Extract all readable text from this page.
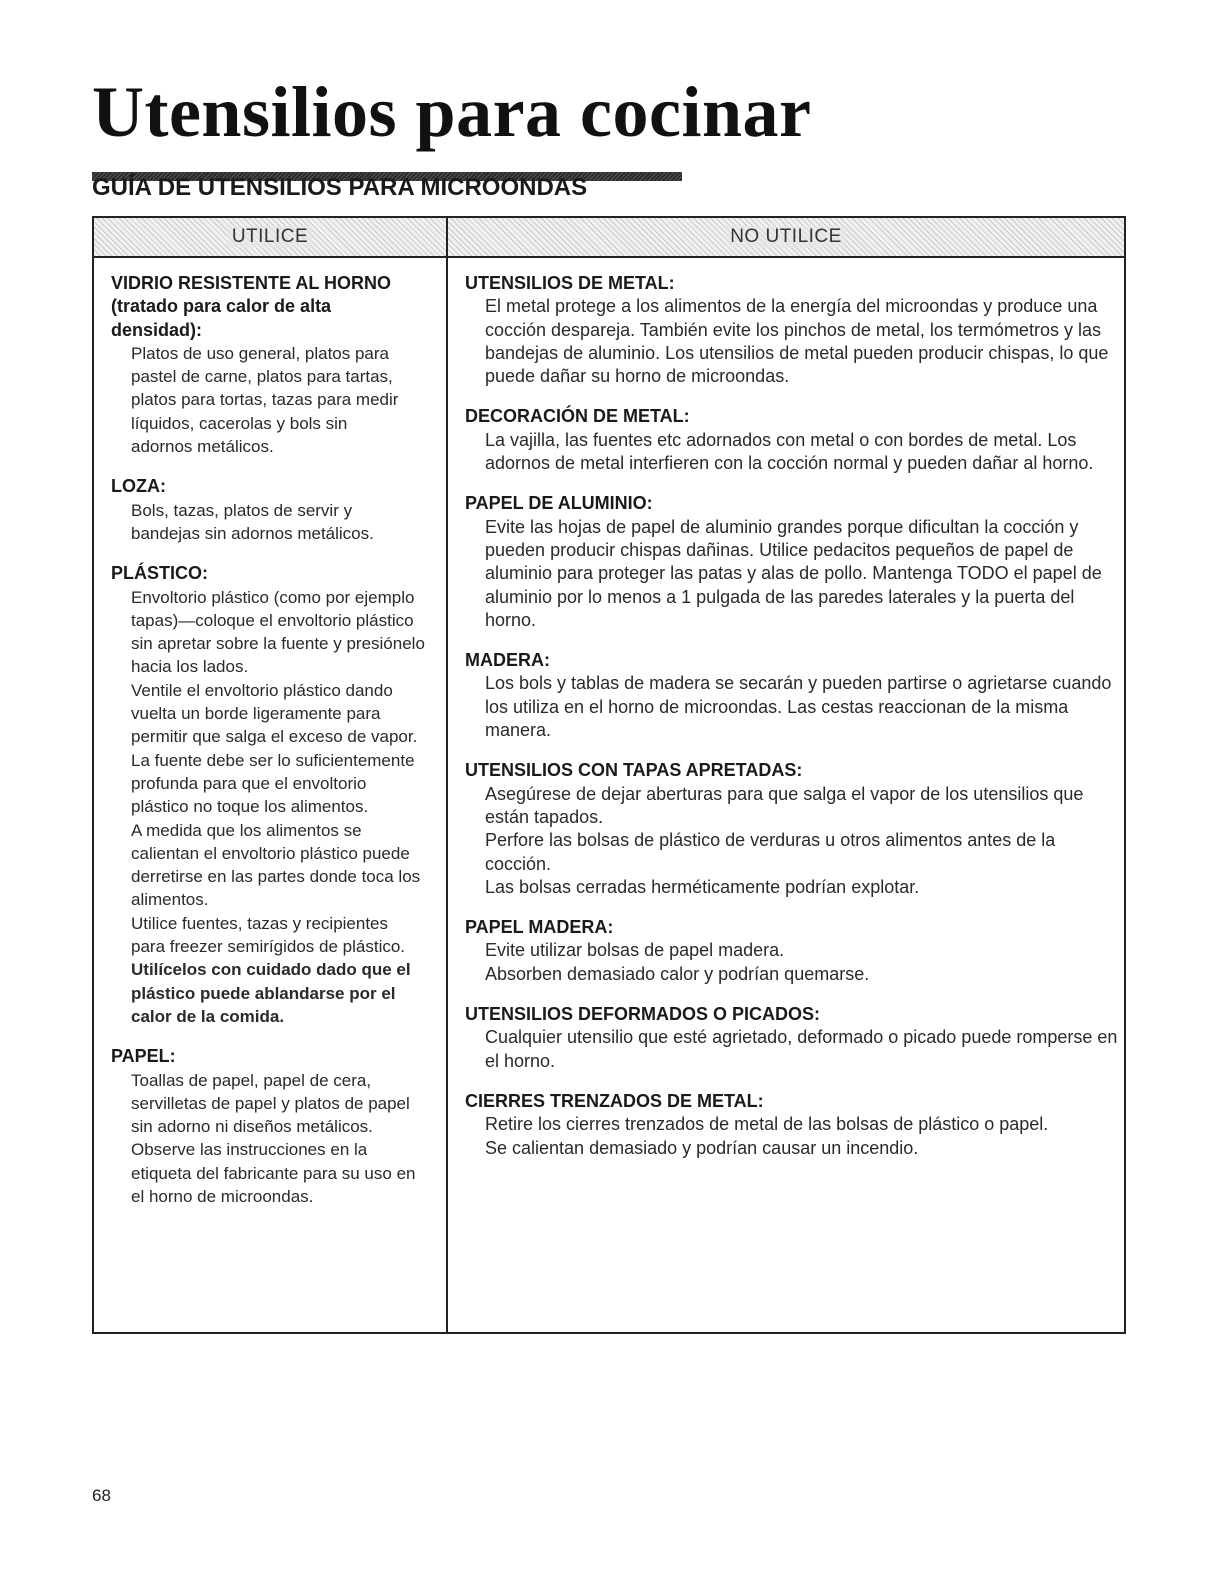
Utensilios para cocinar
GUÍA DE UTENSILIOS PARA MICROONDAS
UTILICE	NO UTILICE
VIDRIO RESISTENTE AL HORNO (tratado para calor de alta densidad):
Platos de uso general, platos para pastel de carne, platos para tartas, platos para tortas, tazas para medir líquidos, cacerolas y bols sin adornos metálicos.
LOZA:
Bols, tazas, platos de servir y bandejas sin adornos metálicos.
PLÁSTICO:
Envoltorio plástico (como por ejemplo tapas)—coloque el envoltorio plástico sin apretar sobre la fuente y presiónelo hacia los lados.
Ventile el envoltorio plástico dando vuelta un borde ligeramente para permitir que salga el exceso de vapor. La fuente debe ser lo suficientemente profunda para que el envoltorio plástico no toque los alimentos.
A medida que los alimentos se calientan el envoltorio plástico puede derretirse en las partes donde toca los alimentos.
Utilice fuentes, tazas y recipientes para freezer semirígidos de plástico. Utilícelos con cuidado dado que el plástico puede ablandarse por el calor de la comida.
PAPEL:
Toallas de papel, papel de cera, servilletas de papel y platos de papel sin adorno ni diseños metálicos.
Observe las instrucciones en la etiqueta del fabricante para su uso en el horno de microondas.
UTENSILIOS DE METAL:
El metal protege a los alimentos de la energía del microondas y produce una cocción despareja. También evite los pinchos de metal, los termómetros y las bandejas de aluminio. Los utensilios de metal pueden producir chispas, lo que puede dañar su horno de microondas.
DECORACIÓN DE METAL:
La vajilla, las fuentes etc adornados con metal o con bordes de metal. Los adornos de metal interfieren con la cocción normal y pueden dañar al horno.
PAPEL DE ALUMINIO:
Evite las hojas de papel de aluminio grandes porque dificultan la cocción y pueden producir chispas dañinas. Utilice pedacitos pequeños de papel de aluminio para proteger las patas y alas de pollo. Mantenga TODO el papel de aluminio por lo menos a 1 pulgada de las paredes laterales y la puerta del horno.
MADERA:
Los bols y tablas de madera se secarán y pueden partirse o agrietarse cuando los utiliza en el horno de microondas. Las cestas reaccionan de la misma manera.
UTENSILIOS CON TAPAS APRETADAS:
Asegúrese de dejar aberturas para que salga el vapor de los utensilios que están tapados.
Perfore las bolsas de plástico de verduras u otros alimentos antes de la cocción.
Las bolsas cerradas herméticamente podrían explotar.
PAPEL MADERA:
Evite utilizar bolsas de papel madera.
Absorben demasiado calor y podrían quemarse.
UTENSILIOS DEFORMADOS O PICADOS:
Cualquier utensilio que esté agrietado, deformado o picado puede romperse en el horno.
CIERRES TRENZADOS DE METAL:
Retire los cierres trenzados de metal de las bolsas de plástico o papel.
Se calientan demasiado y podrían causar un incendio.
68
